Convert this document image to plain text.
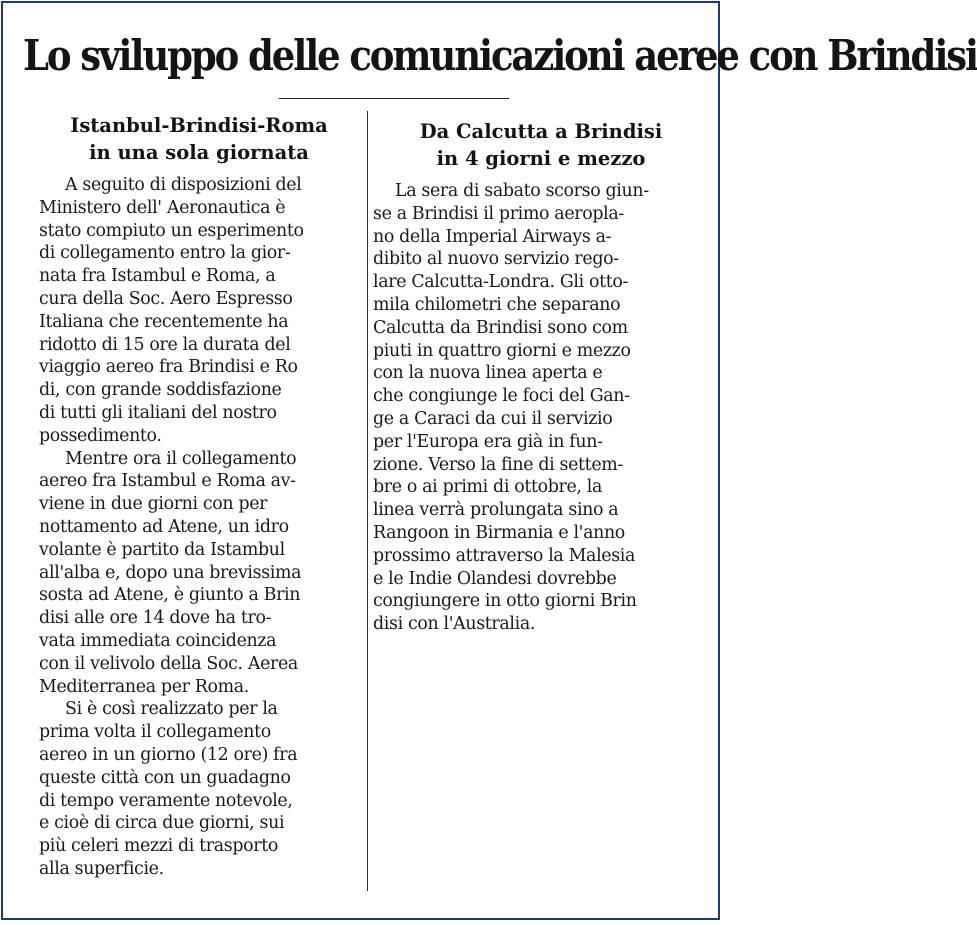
Lo sviluppo delle comunicazioni aeree con Brindisi
Istanbul-Brindisi-Roma
in una sola giornata
Da Calcutta a Brindisi
in 4 giorni e mezzo
A seguito di disposizioni del
Ministero dell' Aeronautica è
stato compiuto un esperimento
di collegamento entro la gior-
nata fra Istambul e Roma, a
cura della Soc. Aero Espresso
Italiana che recentemente ha
ridotto di 15 ore la durata del
viaggio aereo fra Brindisi e Ro
di, con grande soddisfazione
di tutti gli italiani del nostro
possedimento.
Mentre ora il collegamento
aereo fra Istambul e Roma av-
viene in due giorni con per
nottamento ad Atene, un idro
volante è partito da Istambul
all'alba e, dopo una brevissima
sosta ad Atene, è giunto a Brin
disi alle ore 14 dove ha tro-
vata immediata coincidenza
con il velivolo della Soc. Aerea
Mediterranea per Roma.
Si è così realizzato per la
prima volta il collegamento
aereo in un giorno (12 ore) fra
queste città con un guadagno
di tempo veramente notevole,
e cioè di circa due giorni, sui
più celeri mezzi di trasporto
alla superficie.
La sera di sabato scorso giun-
se a Brindisi il primo aeropla-
no della Imperial Airways a-
dibito al nuovo servizio rego-
lare Calcutta-Londra. Gli otto-
mila chilometri che separano
Calcutta da Brindisi sono com
piuti in quattro giorni e mezzo
con la nuova linea aperta e
che congiunge le foci del Gan-
ge a Caraci da cui il servizio
per l'Europa era già in fun-
zione. Verso la fine di settem-
bre o ai primi di ottobre, la
linea verrà prolungata sino a
Rangoon in Birmania e l'anno
prossimo attraverso la Malesia
e le Indie Olandesi dovrebbe
congiungere in otto giorni Brin
disi con l'Australia.
